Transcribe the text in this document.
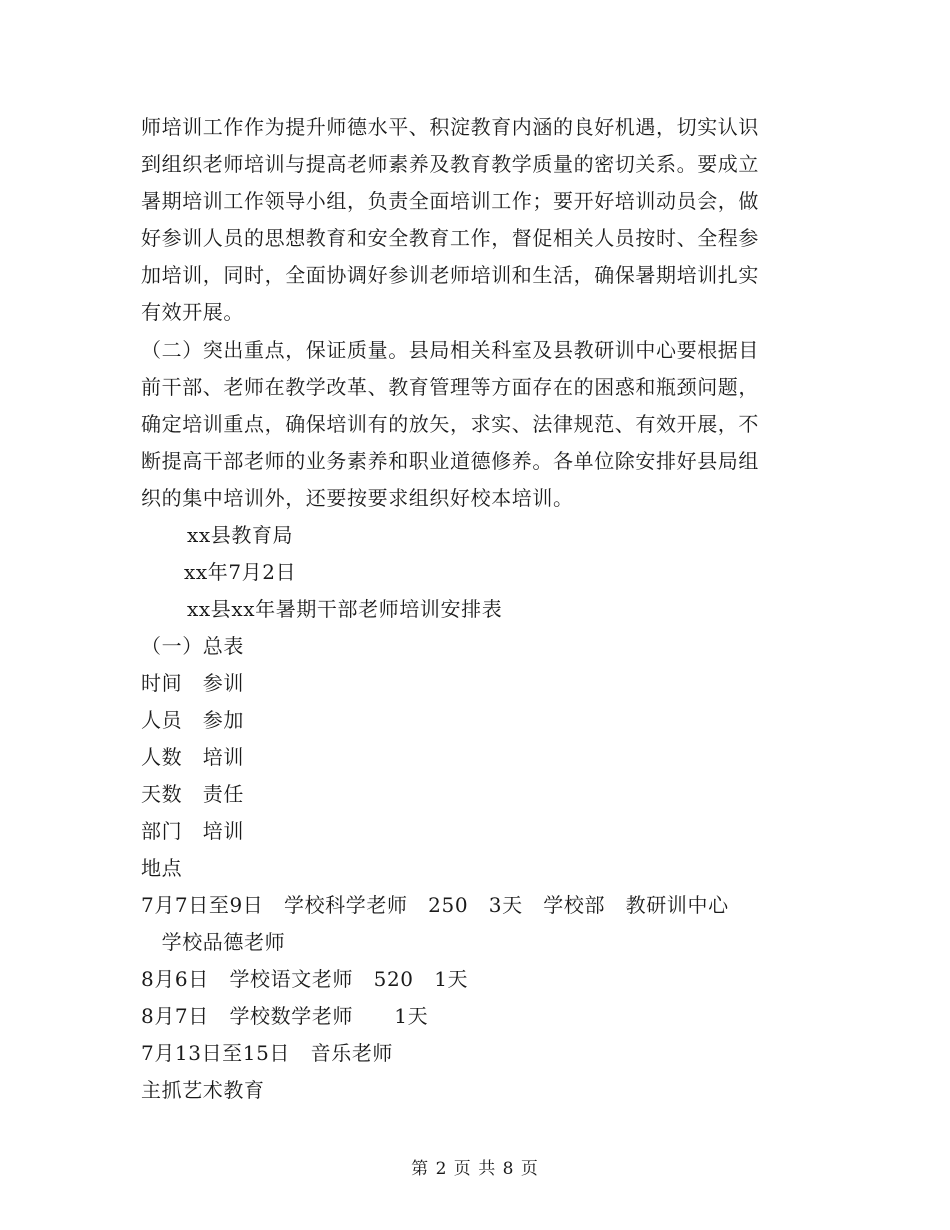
师培训工作作为提升师德水平、积淀教育内涵的良好机遇，切实认识
到组织老师培训与提高老师素养及教育教学质量的密切关系。要成立
暑期培训工作领导小组，负责全面培训工作；要开好培训动员会，做
好参训人员的思想教育和安全教育工作，督促相关人员按时、全程参
加培训，同时，全面协调好参训老师培训和生活，确保暑期培训扎实
有效开展。
（二）突出重点，保证质量。县局相关科室及县教研训中心要根据目
前干部、老师在教学改革、教育管理等方面存在的困惑和瓶颈问题，
确定培训重点，确保培训有的放矢，求实、法律规范、有效开展，不
断提高干部老师的业务素养和职业道德修养。各单位除安排好县局组
织的集中培训外，还要按要求组织好校本培训。
xx县教育局
xx年7月2日
xx县xx年暑期干部老师培训安排表
（一）总表
时间　参训
人员　参加
人数　培训
天数　责任
部门　培训
地点
7月7日至9日　学校科学老师　250　3天　学校部　教研训中心
　学校品德老师
8月6日　学校语文老师　520　1天
8月7日　学校数学老师　　1天
7月13日至15日　音乐老师
主抓艺术教育
第 2 页 共 8 页
